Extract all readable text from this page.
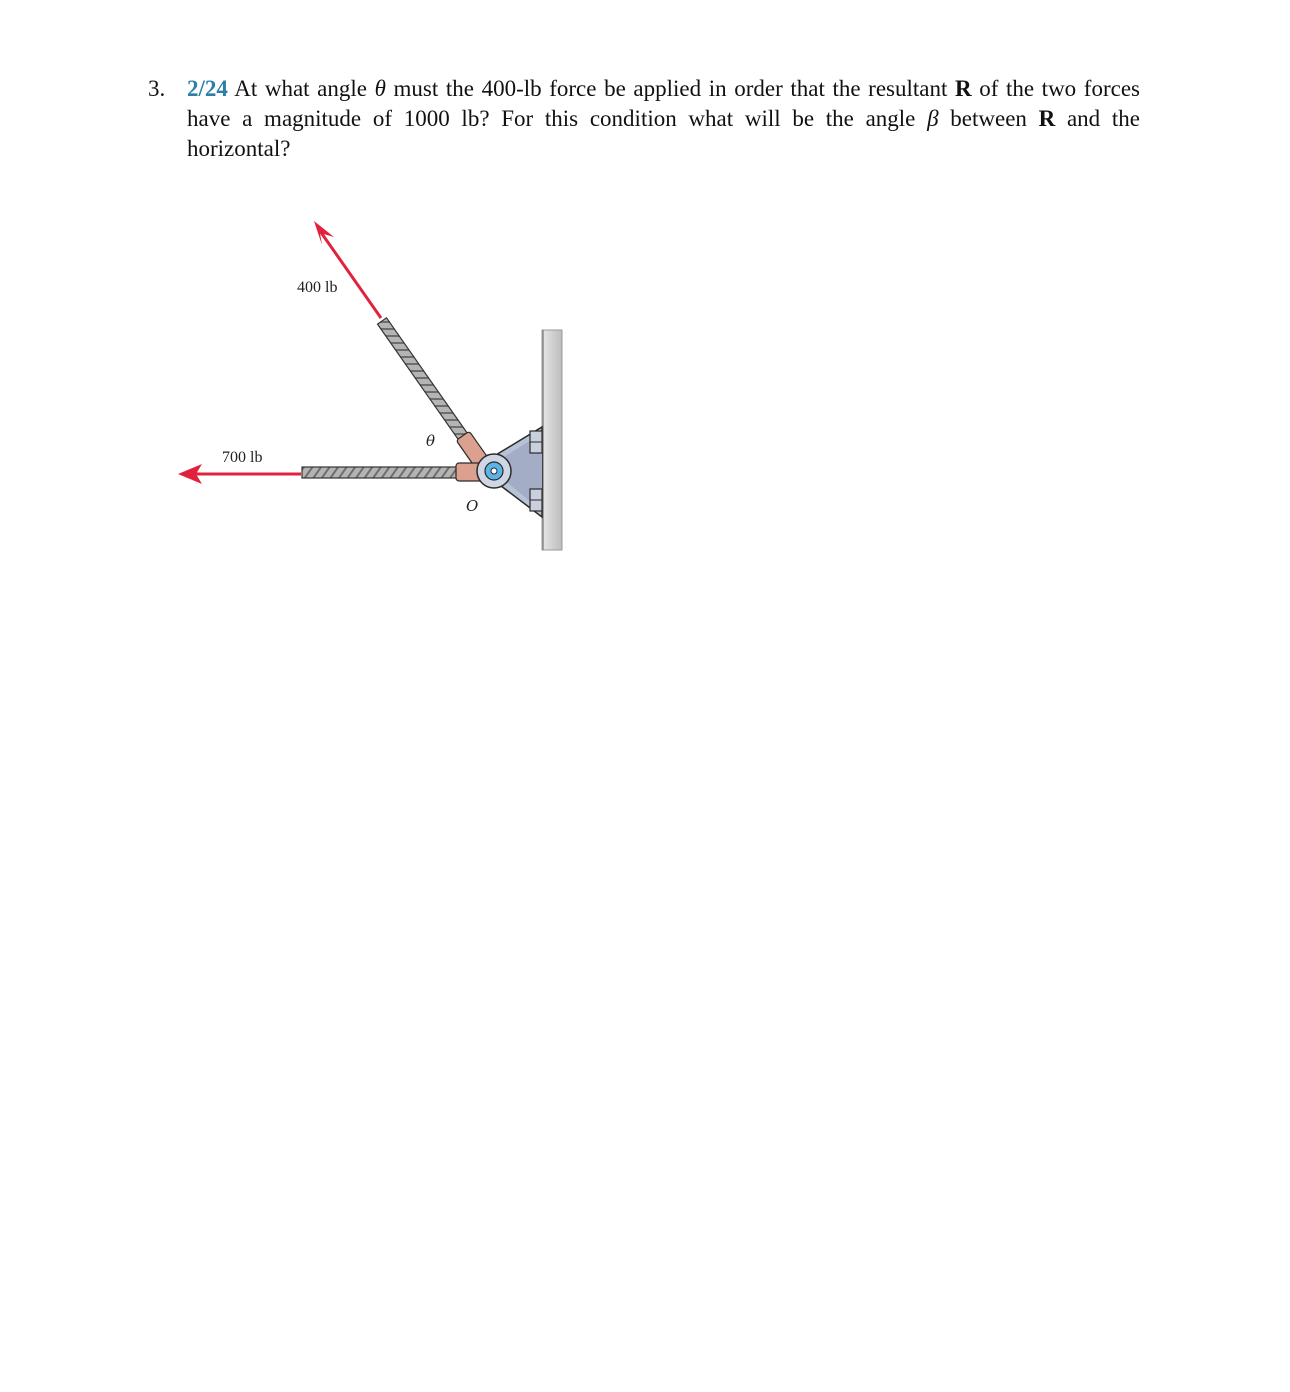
3. 2/24 At what angle θ must the 400-lb force be applied in order that the resultant R of the two forces have a magnitude of 1000 lb? For this condition what will be the angle β between R and the horizontal?
400 lb
700 lb
θ
O
